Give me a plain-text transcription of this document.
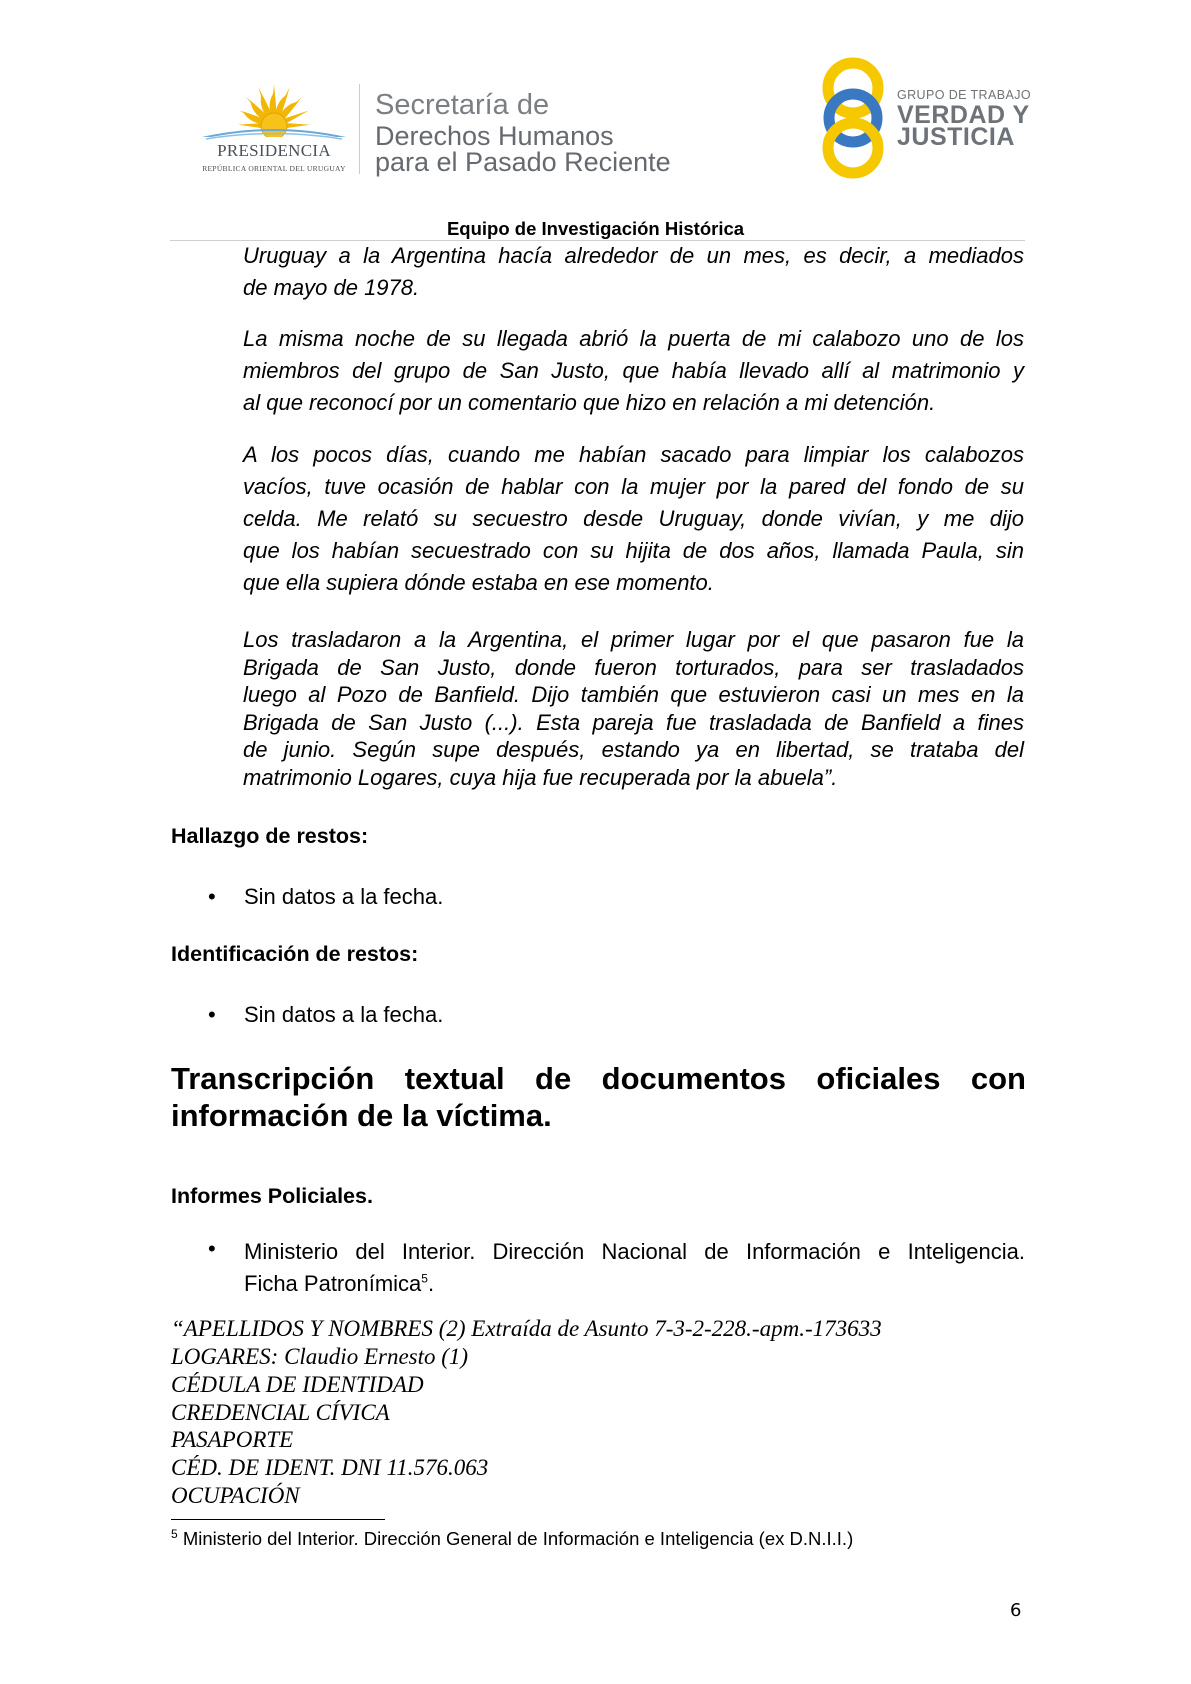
PRESIDENCIA
REPÚBLICA ORIENTAL DEL URUGUAY
Secretaría de
Derechos Humanos
para el Pasado Reciente
GRUPO DE TRABAJO
VERDAD Y
JUSTICIA
Equipo de Investigación Histórica
Uruguay a la Argentina hacía alrededor de un mes, es decir, a mediados
de mayo de 1978.
La misma noche de su llegada abrió la puerta de mi calabozo uno de los
miembros del grupo de San Justo, que había llevado allí al matrimonio y
al que reconocí por un comentario que hizo en relación a mi detención.
A los pocos días, cuando me habían sacado para limpiar los calabozos
vacíos, tuve ocasión de hablar con la mujer por la pared del fondo de su
celda. Me relató su secuestro desde Uruguay, donde vivían, y me dijo
que los habían secuestrado con su hijita de dos años, llamada Paula, sin
que ella supiera dónde estaba en ese momento.
Los trasladaron a la Argentina, el primer lugar por el que pasaron fue la
Brigada de San Justo, donde fueron torturados, para ser trasladados
luego al Pozo de Banfield. Dijo también que estuvieron casi un mes en la
Brigada de San Justo (...). Esta pareja fue trasladada de Banfield a fines
de junio. Según supe después, estando ya en libertad, se trataba del
matrimonio Logares, cuya hija fue recuperada por la abuela”.
Hallazgo de restos:
• Sin datos a la fecha.
Identificación de restos:
• Sin datos a la fecha.
Transcripción textual de documentos oficiales con
información de la víctima.
Informes Policiales.
• Ministerio del Interior. Dirección Nacional de Información e Inteligencia.
Ficha Patronímica$^5$.
“APELLIDOS Y NOMBRES (2) Extraída de Asunto 7-3-2-228.-apm.-173633
LOGARES: Claudio Ernesto (1)
CÉDULA DE IDENTIDAD
CREDENCIAL CÍVICA
PASAPORTE
CÉD. DE IDENT. DNI 11.576.063
OCUPACIÓN
$^5$ Ministerio del Interior. Dirección General de Información e Inteligencia (ex D.N.I.I.)
6
